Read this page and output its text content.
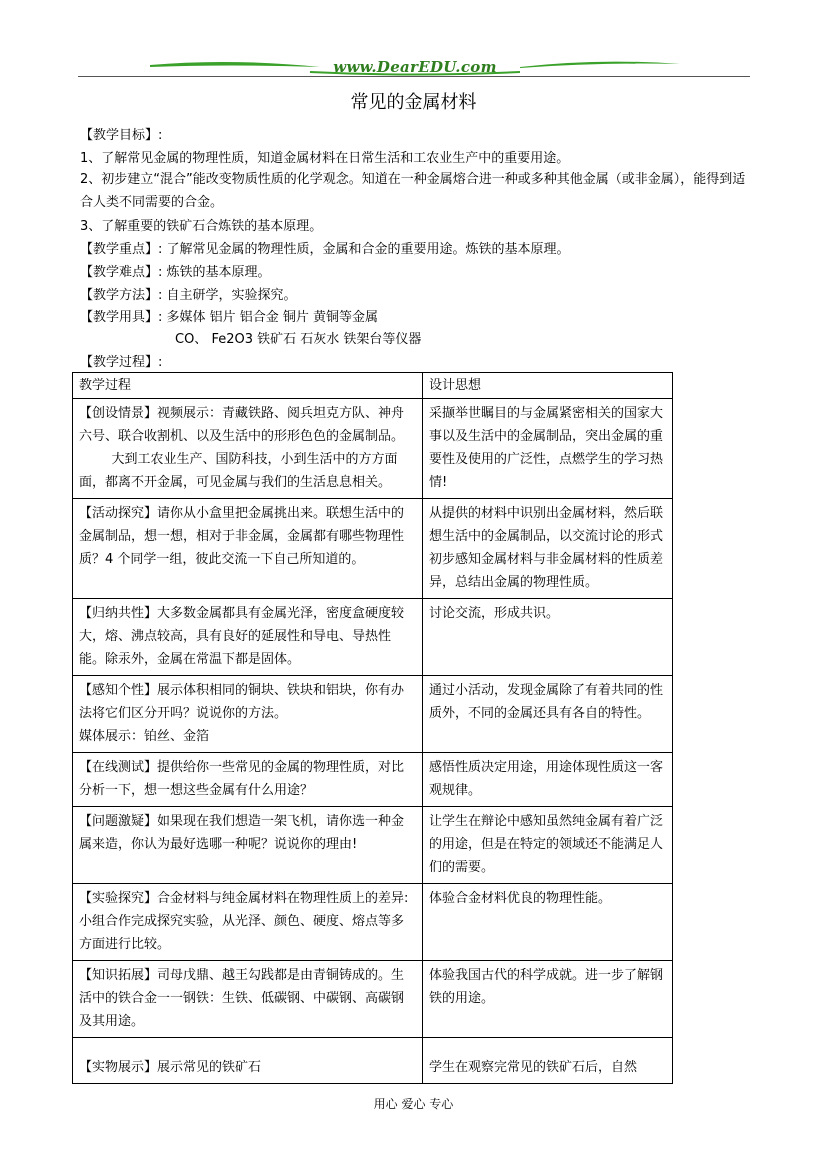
www.DearEDU.com
常见的金属材料
【教学目标】:
1、了解常见金属的物理性质，知道金属材料在日常生活和工农业生产中的重要用途。
2、初步建立“混合”能改变物质性质的化学观念。知道在一种金属熔合进一种或多种其他金属（或非金属），能得到适合人类不同需要的合金。
3、了解重要的铁矿石合炼铁的基本原理。
【教学重点】: 了解常见金属的物理性质，金属和合金的重要用途。炼铁的基本原理。
【教学难点】: 炼铁的基本原理。
【教学方法】: 自主研学，实验探究。
【教学用具】: 多媒体 铝片 铝合金 铜片 黄铜等金属
CO、 Fe2O3 铁矿石 石灰水 铁架台等仪器
【教学过程】:
教学过程	设计思想
【创设情景】视频展示：青藏铁路、阅兵坦克方队、神舟六号、联合收割机、以及生活中的形形色色的金属制品。
大到工农业生产、国防科技，小到生活中的方方面面，都离不开金属，可见金属与我们的生活息息相关。	采撷举世瞩目的与金属紧密相关的国家大事以及生活中的金属制品，突出金属的重要性及使用的广泛性，点燃学生的学习热情!
【活动探究】请你从小盒里把金属挑出来。联想生活中的金属制品，想一想，相对于非金属，金属都有哪些物理性质？4 个同学一组，彼此交流一下自己所知道的。	从提供的材料中识别出金属材料，然后联想生活中的金属制品，以交流讨论的形式初步感知金属材料与非金属材料的性质差异，总结出金属的物理性质。
【归纳共性】大多数金属都具有金属光泽，密度盒硬度较大，熔、沸点较高，具有良好的延展性和导电、导热性能。除汞外，金属在常温下都是固体。	讨论交流，形成共识。
【感知个性】展示体积相同的铜块、铁块和铝块，你有办法将它们区分开吗？说说你的方法。
媒体展示：铂丝、金箔	通过小活动，发现金属除了有着共同的性质外，不同的金属还具有各自的特性。
【在线测试】提供给你一些常见的金属的物理性质，对比分析一下，想一想这些金属有什么用途？	感悟性质决定用途，用途体现性质这一客观规律。
【问题激疑】如果现在我们想造一架飞机，请你选一种金属来造，你认为最好选哪一种呢？说说你的理由!	让学生在辩论中感知虽然纯金属有着广泛的用途，但是在特定的领域还不能满足人们的需要。
【实验探究】合金材料与纯金属材料在物理性质上的差异: 小组合作完成探究实验，从光泽、颜色、硬度、熔点等多方面进行比较。	体验合金材料优良的物理性能。
【知识拓展】司母戊鼎、越王勾践都是由青铜铸成的。生活中的铁合金一一钢铁：生铁、低碳钢、中碳钢、高碳钢及其用途。	体验我国古代的科学成就。进一步了解钢铁的用途。
【实物展示】展示常见的铁矿石	学生在观察完常见的铁矿石后，自然
用心 爱心 专心
